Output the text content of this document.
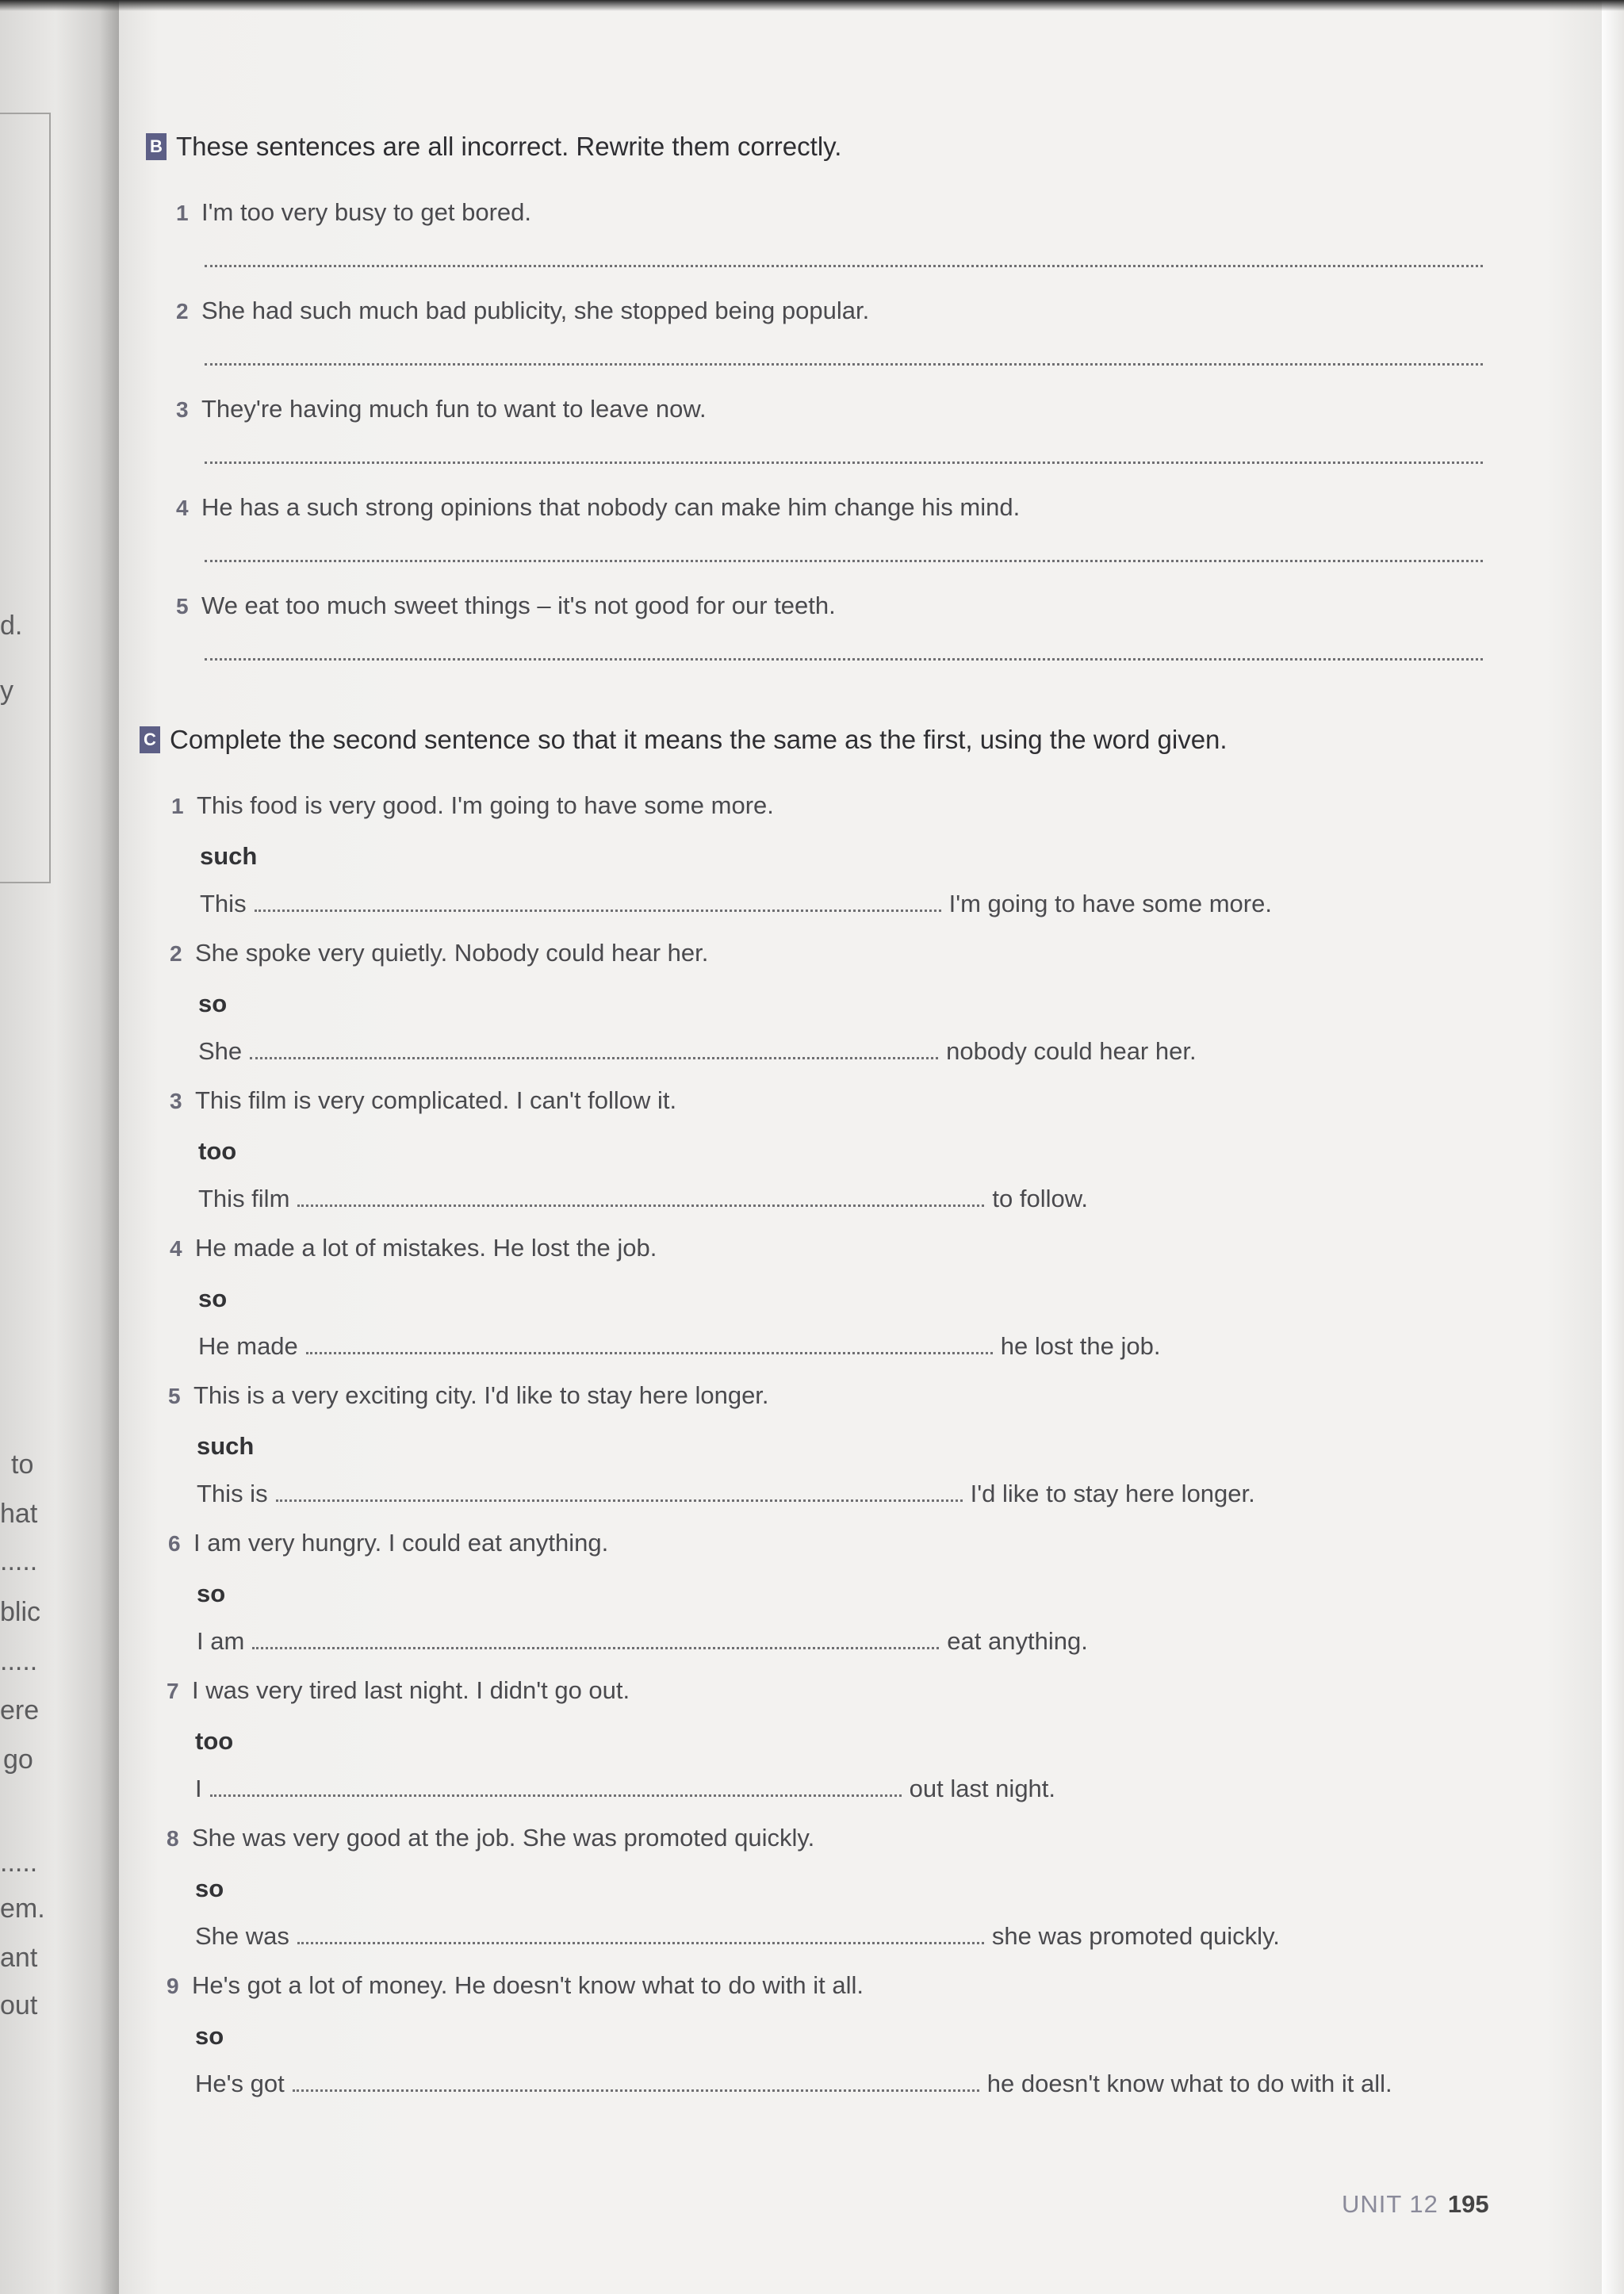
d.
y
to
hat
.....
blic
.....
ere
go
.....
em.
ant
out
B These sentences are all incorrect. Rewrite them correctly.
1 I'm too very busy to get bored.
2 She had such much bad publicity, she stopped being popular.
3 They're having much fun to want to leave now.
4 He has a such strong opinions that nobody can make him change his mind.
5 We eat too much sweet things – it's not good for our teeth.
C Complete the second sentence so that it means the same as the first, using the word given.
1 This food is very good. I'm going to have some more.
such
This	I'm going to have some more.
2 She spoke very quietly. Nobody could hear her.
so
She	nobody could hear her.
3 This film is very complicated. I can't follow it.
too
This film	to follow.
4 He made a lot of mistakes. He lost the job.
so
He made	he lost the job.
5 This is a very exciting city. I'd like to stay here longer.
such
This is	I'd like to stay here longer.
6 I am very hungry. I could eat anything.
so
I am	eat anything.
7 I was very tired last night. I didn't go out.
too
I	out last night.
8 She was very good at the job. She was promoted quickly.
so
She was	she was promoted quickly.
9 He's got a lot of money. He doesn't know what to do with it all.
so
He's got	he doesn't know what to do with it all.
UNIT 12 195
